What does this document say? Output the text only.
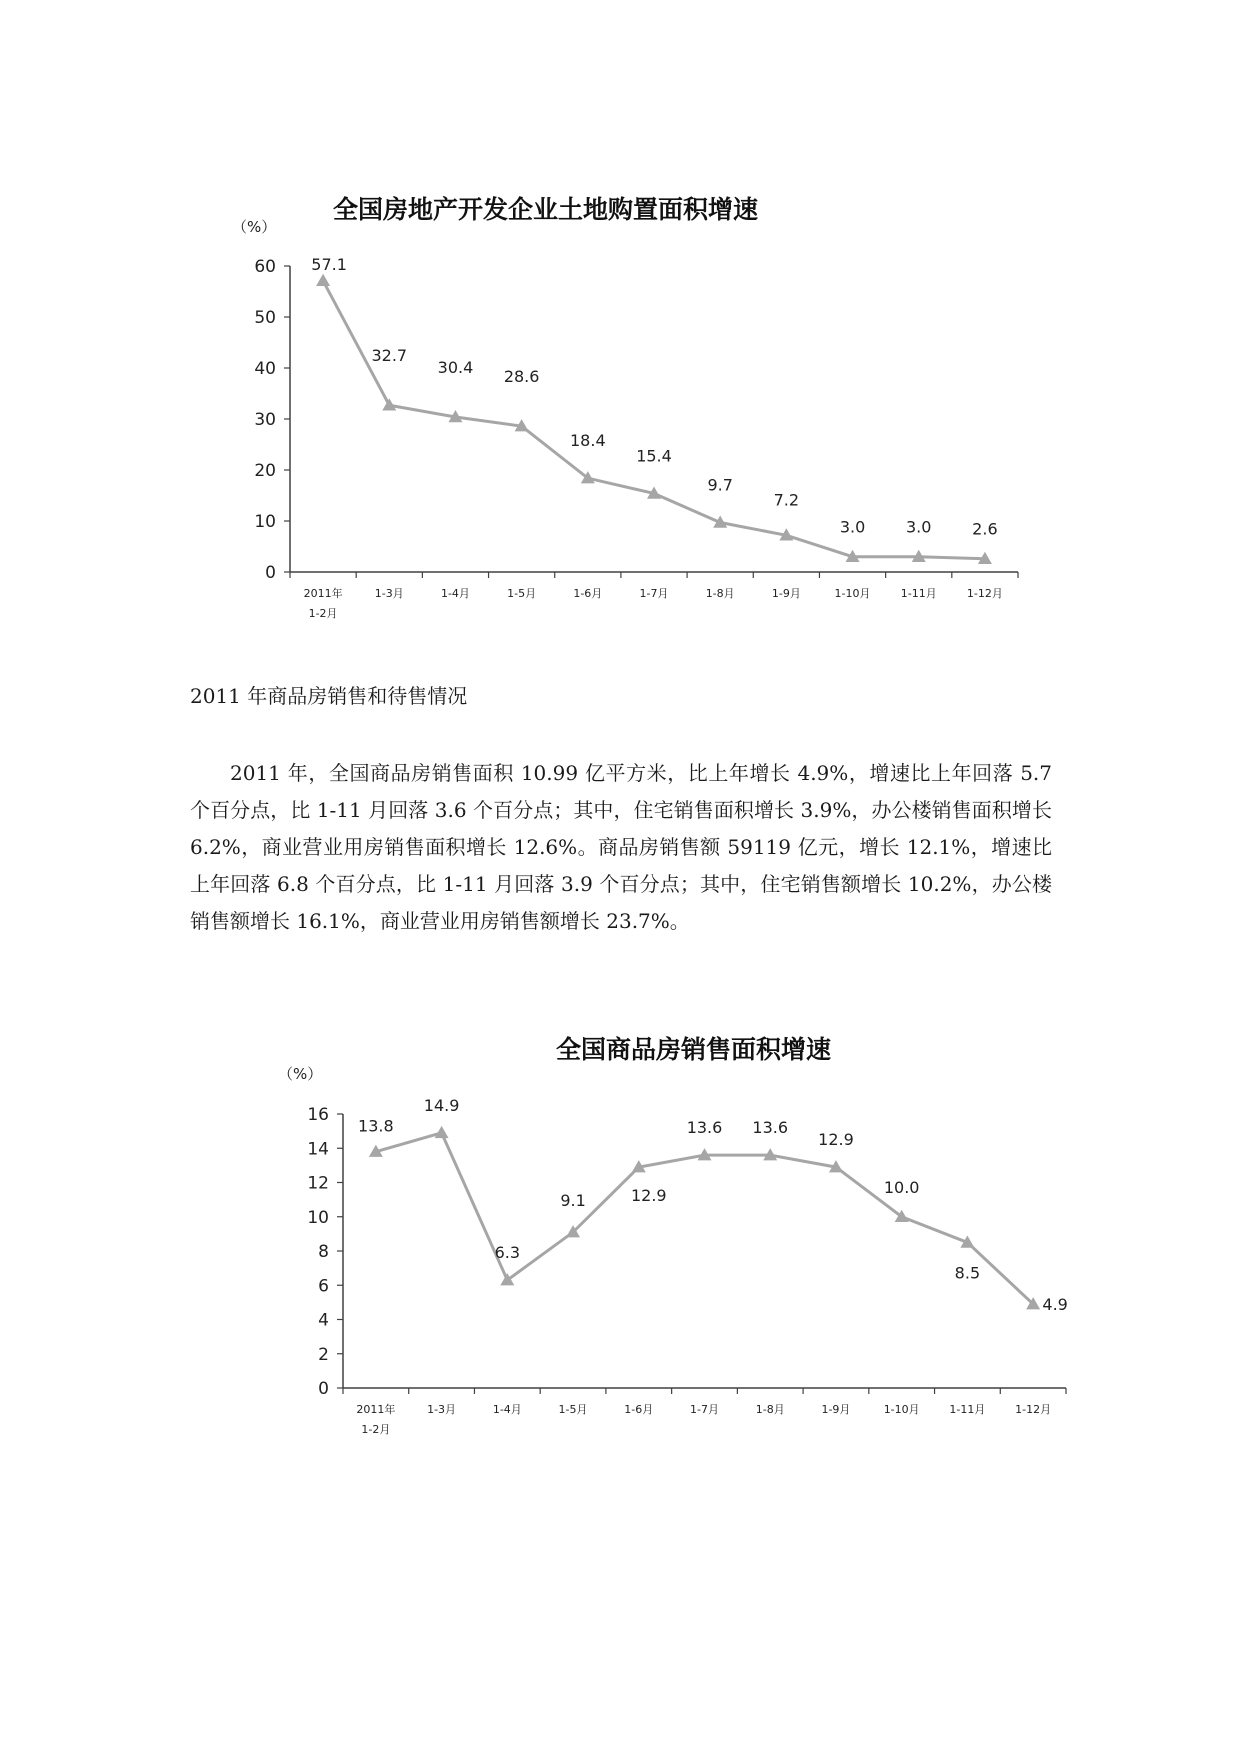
全国房地产开发企业土地购置面积增速
（%）
0
10
20
30
40
50
60
2011年 1-2月
1-3月	1-4月	1-5月	1-6月	1-7月	1-8月	1-9月	1-10月	1-11月	1-12月
57.1
32.7
30.4 28.6
18.4
15.4
9.7
7.2
3.0	3.0	2.6
2011 年商品房销售和待售情况
2011 年，全国商品房销售面积 10.99 亿平方米，比上年增长 4.9%，增速比上年回落 5.7 个百分点，比 1-11 月回落 3.6 个百分点；其中，住宅销售面积增长 3.9%，办公楼销售面积增长 6.2%，商业营业用房销售面积增长 12.6%。商品房销售额 59119 亿元，增长 12.1%，增速比上年回落 6.8 个百分点，比 1-11 月回落 3.9 个百分点；其中，住宅销售额增长 10.2%，办公楼销售额增长 16.1%，商业营业用房销售额增长 23.7%。
全国商品房销售面积增速
（%）
0
2
4
6
8
10
12
14
16
2011年 1-2月
1-3月	1-4月	1-5月	1-6月	1-7月	1-8月	1-9月	1-10月	1-11月	1-12月
13.8
14.9
6.3
9.1	12.9
13.6 13.6
12.9
10.0
8.5
4.9
